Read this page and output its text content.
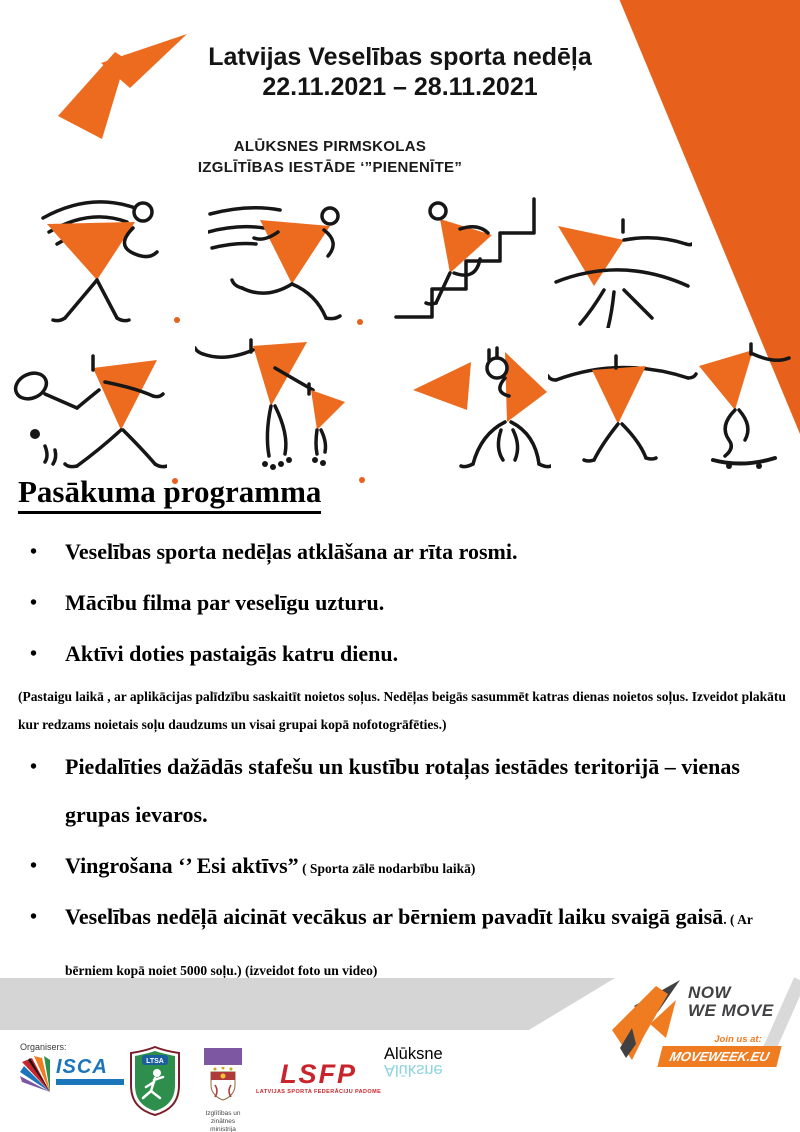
Latvijas Veselības sporta nedēļa
22.11.2021 – 28.11.2021
ALŪKSNES PIRMSKOLAS
IZGLĪTĪBAS IESTĀDE ‘”PIENENĪTE”
Pasākuma programma
• Veselības sporta nedēļas atklāšana ar rīta rosmi.
• Mācību filma par veselīgu uzturu.
• Aktīvi doties pastaigās katru dienu.

(Pastaigu laikā , ar aplikācijas palīdzību saskaitīt noietos soļus. Nedēļas beigās sasummēt katras dienas noietos soļus. Izveidot plakātu kur redzams noietais soļu daudzums un visai grupai kopā nofotogrāfēties.)

• Piedalīties dažādās stafešu un kustību rotaļas iestādes teritorijā – vienas grupas ievaros.
• Vingrošana ‘’ Esi aktīvs” ( Sporta zālē nodarbību laikā)
• Veselības nedēļā aicināt vecākus ar bērniem pavadīt laiku svaigā gaisā. ( Ar bērniem kopā noiet 5000 soļu.) (izveidot foto un video)
NOW
WE MOVE
Join us at:
MOVEWEEK.EU
Organisers:
ISCA	LTSA
Izglītības un zinātnes
ministrija
LSFP
LATVIJAS SPORTA FEDERĀCIJU PADOME
Alūksne
Alūksne
